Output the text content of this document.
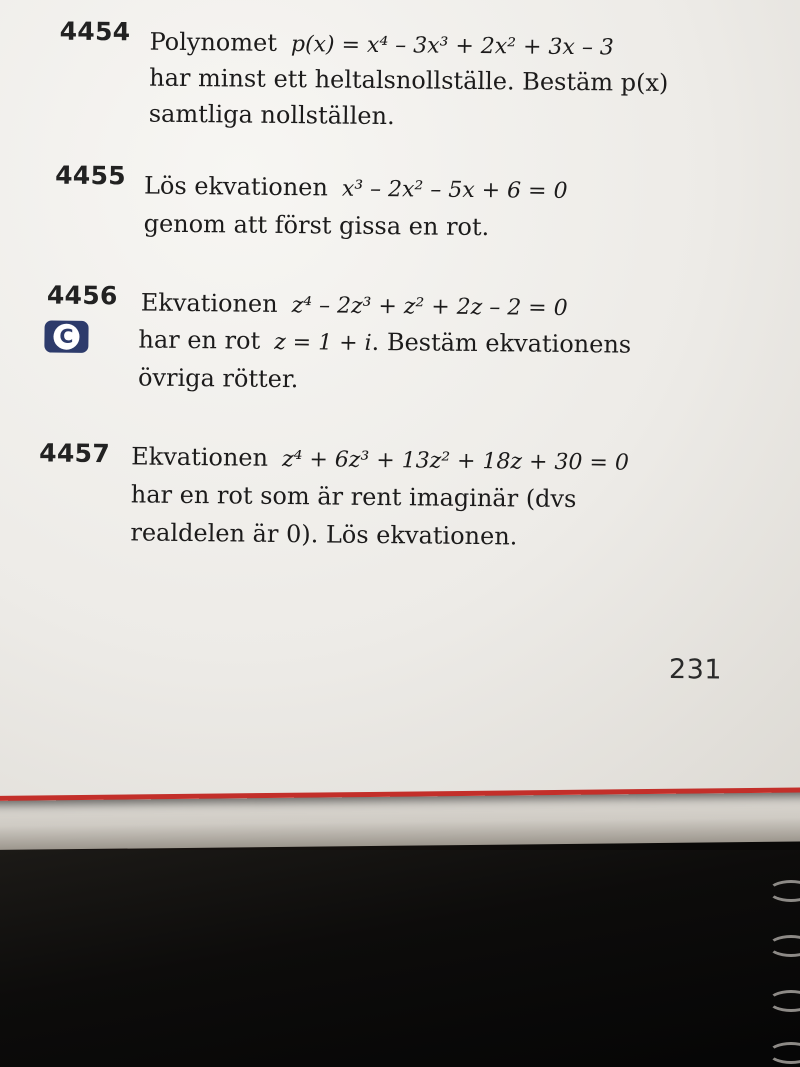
4454 Polynomet p(x) = x⁴ – 3x³ + 2x² + 3x – 3
har minst ett heltalsnollställe. Bestäm p(x)
samtliga nollställen.
4455 Lös ekvationen x³ – 2x² – 5x + 6 = 0
genom att först gissa en rot.
4456
C
Ekvationen z⁴ – 2z³ + z² + 2z – 2 = 0
har en rot z = 1 + i. Bestäm ekvationens
övriga rötter.
4457 Ekvationen z⁴ + 6z³ + 13z² + 18z + 30 = 0
har en rot som är rent imaginär (dvs
realdelen är 0). Lös ekvationen.
231
